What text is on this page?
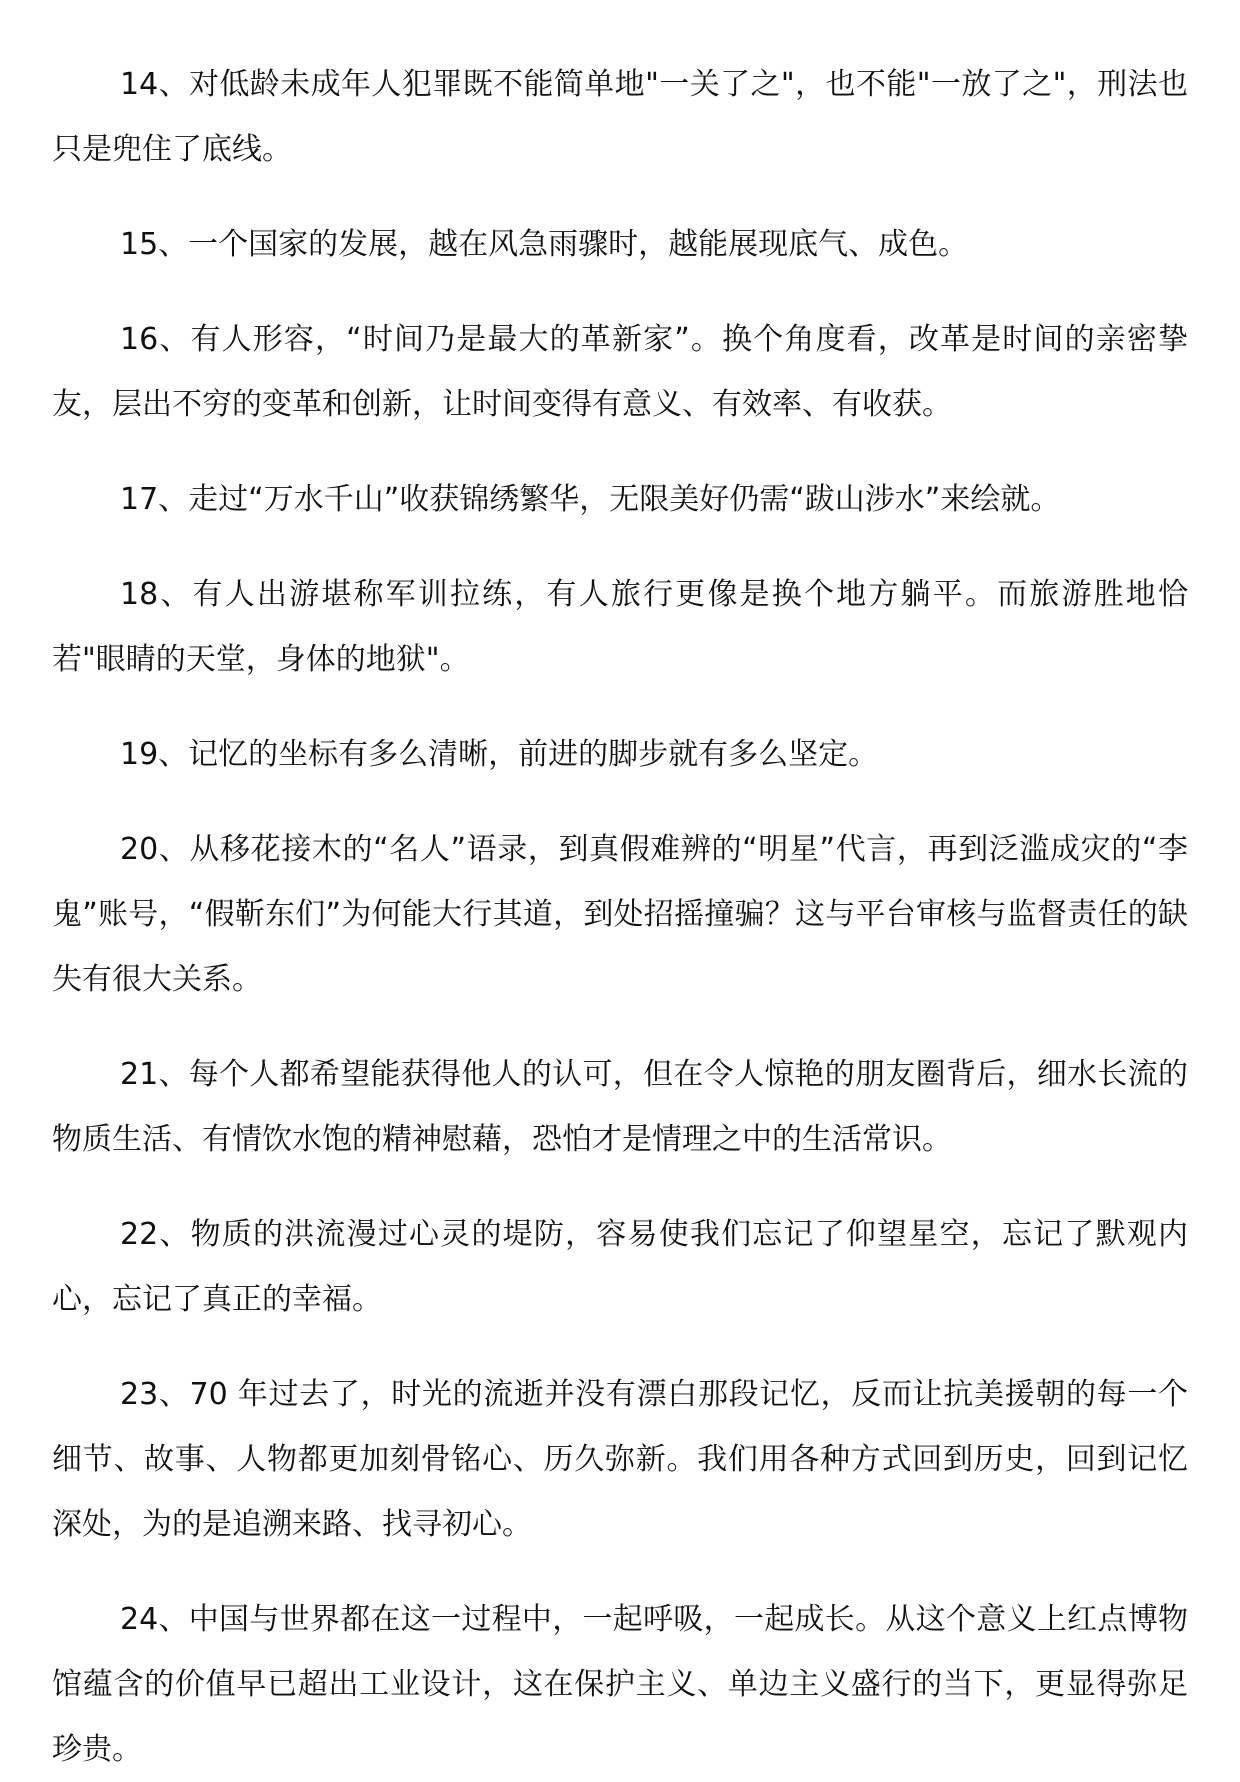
14、对低龄未成年人犯罪既不能简单地"一关了之"，也不能"一放了之"，刑法也只是兜住了底线。

15、一个国家的发展，越在风急雨骤时，越能展现底气、成色。

16、有人形容，“时间乃是最大的革新家”。换个角度看，改革是时间的亲密挚友，层出不穷的变革和创新，让时间变得有意义、有效率、有收获。

17、走过“万水千山”收获锦绣繁华，无限美好仍需“跋山涉水”来绘就。

18、有人出游堪称军训拉练，有人旅行更像是换个地方躺平。而旅游胜地恰若"眼睛的天堂，身体的地狱"。

19、记忆的坐标有多么清晰，前进的脚步就有多么坚定。

20、从移花接木的“名人”语录，到真假难辨的“明星”代言，再到泛滥成灾的“李鬼”账号，“假靳东们”为何能大行其道，到处招摇撞骗？这与平台审核与监督责任的缺失有很大关系。

21、每个人都希望能获得他人的认可，但在令人惊艳的朋友圈背后，细水长流的物质生活、有情饮水饱的精神慰藉，恐怕才是情理之中的生活常识。

22、物质的洪流漫过心灵的堤防，容易使我们忘记了仰望星空，忘记了默观内心，忘记了真正的幸福。

23、70 年过去了，时光的流逝并没有漂白那段记忆，反而让抗美援朝的每一个细节、故事、人物都更加刻骨铭心、历久弥新。我们用各种方式回到历史，回到记忆深处，为的是追溯来路、找寻初心。

24、中国与世界都在这一过程中，一起呼吸，一起成长。从这个意义上红点博物馆蕴含的价值早已超出工业设计，这在保护主义、单边主义盛行的当下，更显得弥足珍贵。
